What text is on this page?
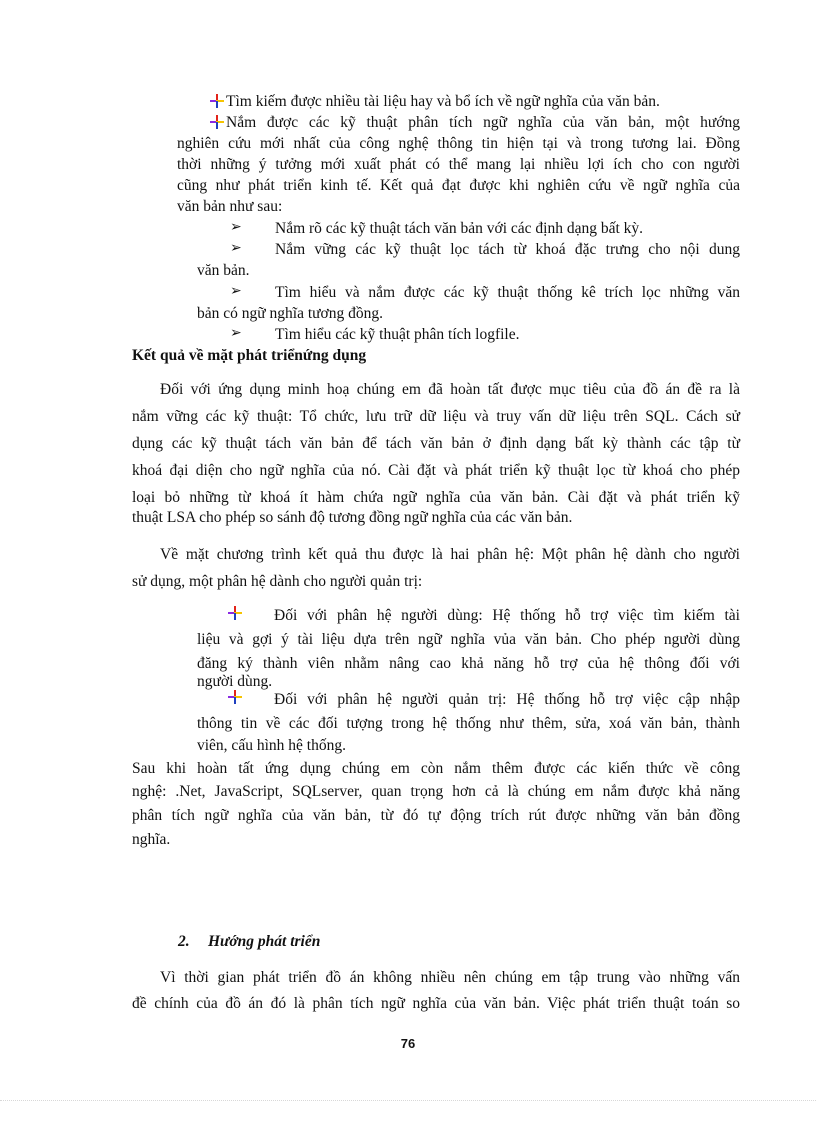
Tìm kiếm được nhiều tài liệu hay và bổ ích về ngữ nghĩa của văn bản.
Nắm được các kỹ thuật phân tích ngữ nghĩa của văn bản, một hướng
nghiên cứu mới nhất của công nghệ thông tin hiện tại và trong tương lai. Đồng
thời những ý tưởng mới xuất phát có thể mang lại nhiều lợi ích cho con người
cũng như phát triển kinh tế. Kết quả đạt được khi nghiên cứu về ngữ nghĩa của
văn bản như sau:
➢ Nắm rõ các kỹ thuật tách văn bản với các định dạng bất kỳ.
➢ Nắm vững các kỹ thuật lọc tách từ khoá đặc trưng cho nội dung
văn bản.
➢ Tìm hiểu và nắm được các kỹ thuật thống kê trích lọc những văn
bản có ngữ nghĩa tương đồng.
➢ Tìm hiểu các kỹ thuật phân tích logfile.
Kết quả về mặt phát triểnứng dụng
Đối với ứng dụng minh hoạ chúng em đã hoàn tất được mục tiêu của đồ án đề ra là
nắm vững các kỹ thuật: Tổ chức, lưu trữ dữ liệu và truy vấn dữ liệu trên SQL. Cách sử
dụng các kỹ thuật tách văn bản để tách văn bản ở định dạng bất kỳ thành các tập từ
khoá đại diện cho ngữ nghĩa của nó. Cài đặt và phát triển kỹ thuật lọc từ khoá cho phép
loại bỏ những từ khoá ít hàm chứa ngữ nghĩa của văn bản. Cài đặt và phát triển kỹ
thuật LSA cho phép so sánh độ tương đồng ngữ nghĩa của các văn bản.
Về mặt chương trình kết quả thu được là hai phân hệ: Một phân hệ dành cho người
sử dụng, một phân hệ dành cho người quản trị:
Đối với phân hệ người dùng: Hệ thống hỗ trợ việc tìm kiếm tài
liệu và gợi ý tài liệu dựa trên ngữ nghĩa vủa văn bản. Cho phép người dùng
đăng ký thành viên nhằm nâng cao khả năng hỗ trợ của hệ thông đối với
người dùng.
Đối với phân hệ người quản trị: Hệ thống hỗ trợ việc cập nhập
thông tin về các đối tượng trong hệ thống như thêm, sửa, xoá văn bản, thành
viên, cấu hình hệ thống.
Sau khi hoàn tất ứng dụng chúng em còn nắm thêm được các kiến thức về công
nghệ: .Net, JavaScript, SQLserver, quan trọng hơn cả là chúng em nắm được khả năng
phân tích ngữ nghĩa của văn bản, từ đó tự động trích rút được những văn bản đồng
nghĩa.
2. Hướng phát triển
Vì thời gian phát triển đồ án không nhiều nên chúng em tập trung vào những vấn
đề chính của đồ án đó là phân tích ngữ nghĩa của văn bản. Việc phát triển thuật toán so
76
